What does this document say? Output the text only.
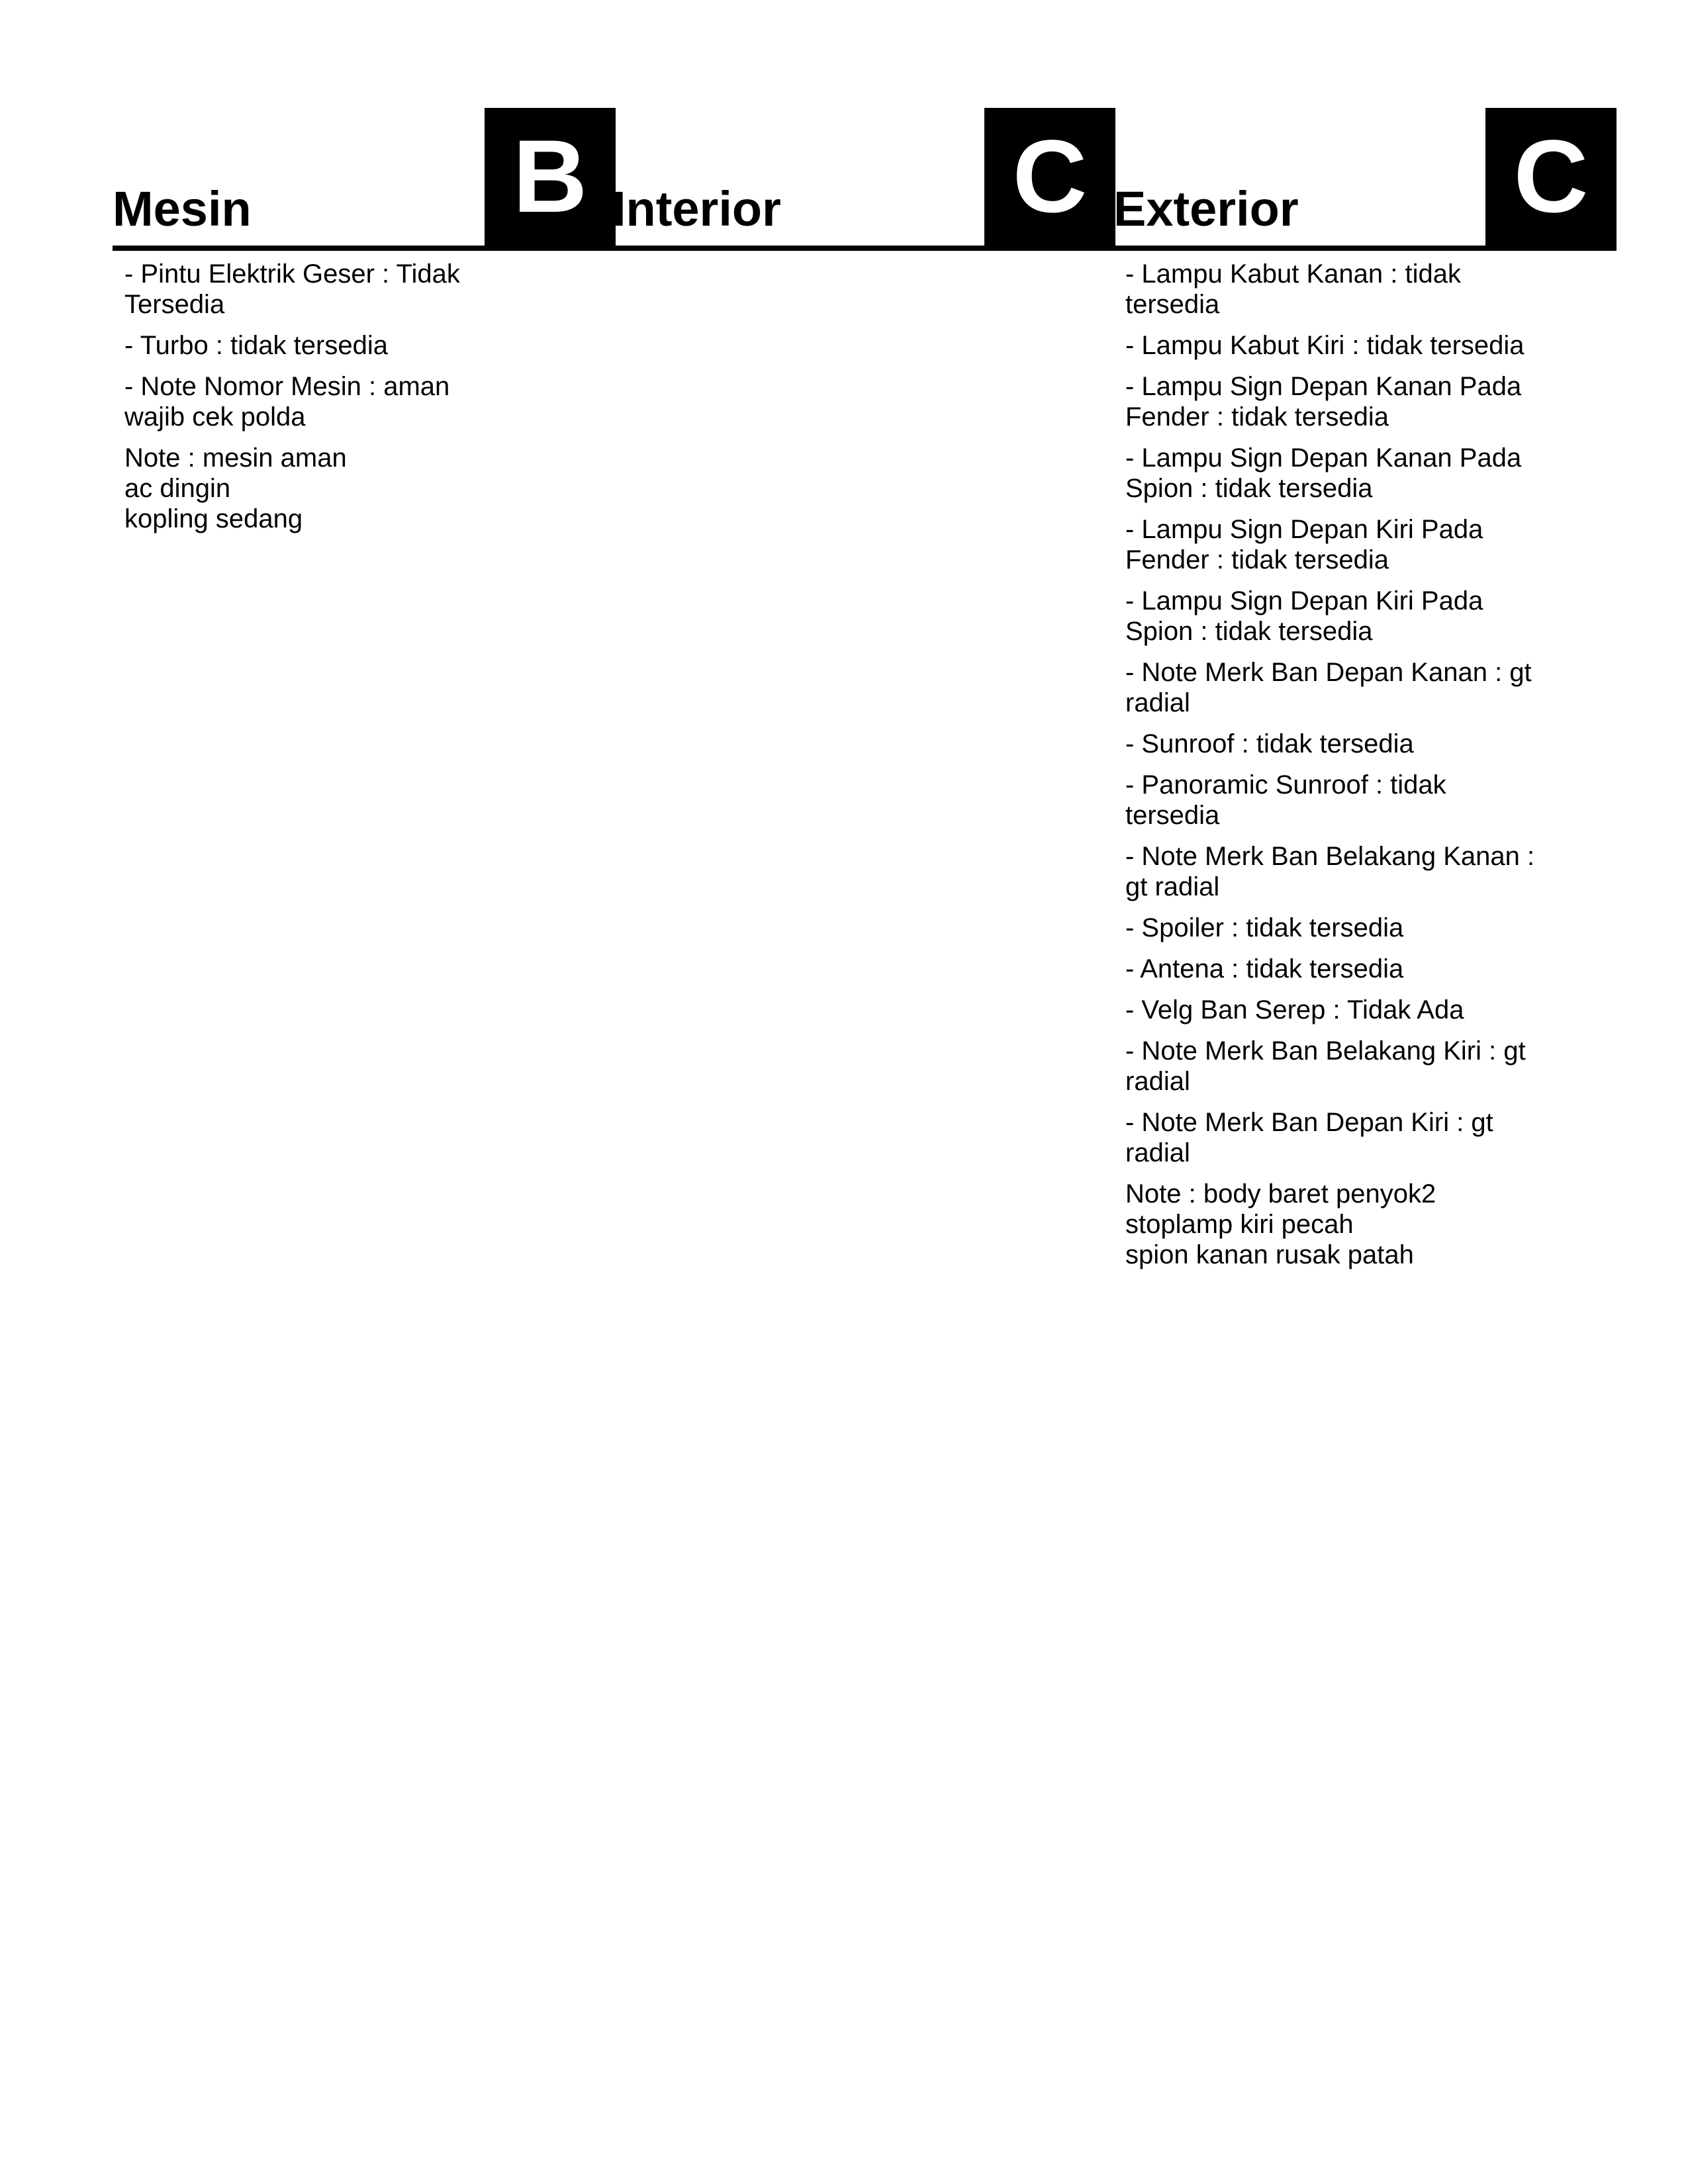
Mesin	B
- Pintu Elektrik Geser : Tidak
Tersedia
- Turbo : tidak tersedia
- Note Nomor Mesin : aman
wajib cek polda
Note : mesin aman
ac dingin
kopling sedang
Interior C Exterior C
- Lampu Kabut Kanan : tidak
tersedia
- Lampu Kabut Kiri : tidak tersedia
- Lampu Sign Depan Kanan Pada
Fender : tidak tersedia
- Lampu Sign Depan Kanan Pada
Spion : tidak tersedia
- Lampu Sign Depan Kiri Pada
Fender : tidak tersedia
- Lampu Sign Depan Kiri Pada
Spion : tidak tersedia
- Note Merk Ban Depan Kanan : gt
radial
- Sunroof : tidak tersedia
- Panoramic Sunroof : tidak
tersedia
- Note Merk Ban Belakang Kanan :
gt radial
- Spoiler : tidak tersedia
- Antena : tidak tersedia
- Velg Ban Serep : Tidak Ada
- Note Merk Ban Belakang Kiri : gt
radial
- Note Merk Ban Depan Kiri : gt
radial
Note : body baret penyok2
stoplamp kiri pecah
spion kanan rusak patah
